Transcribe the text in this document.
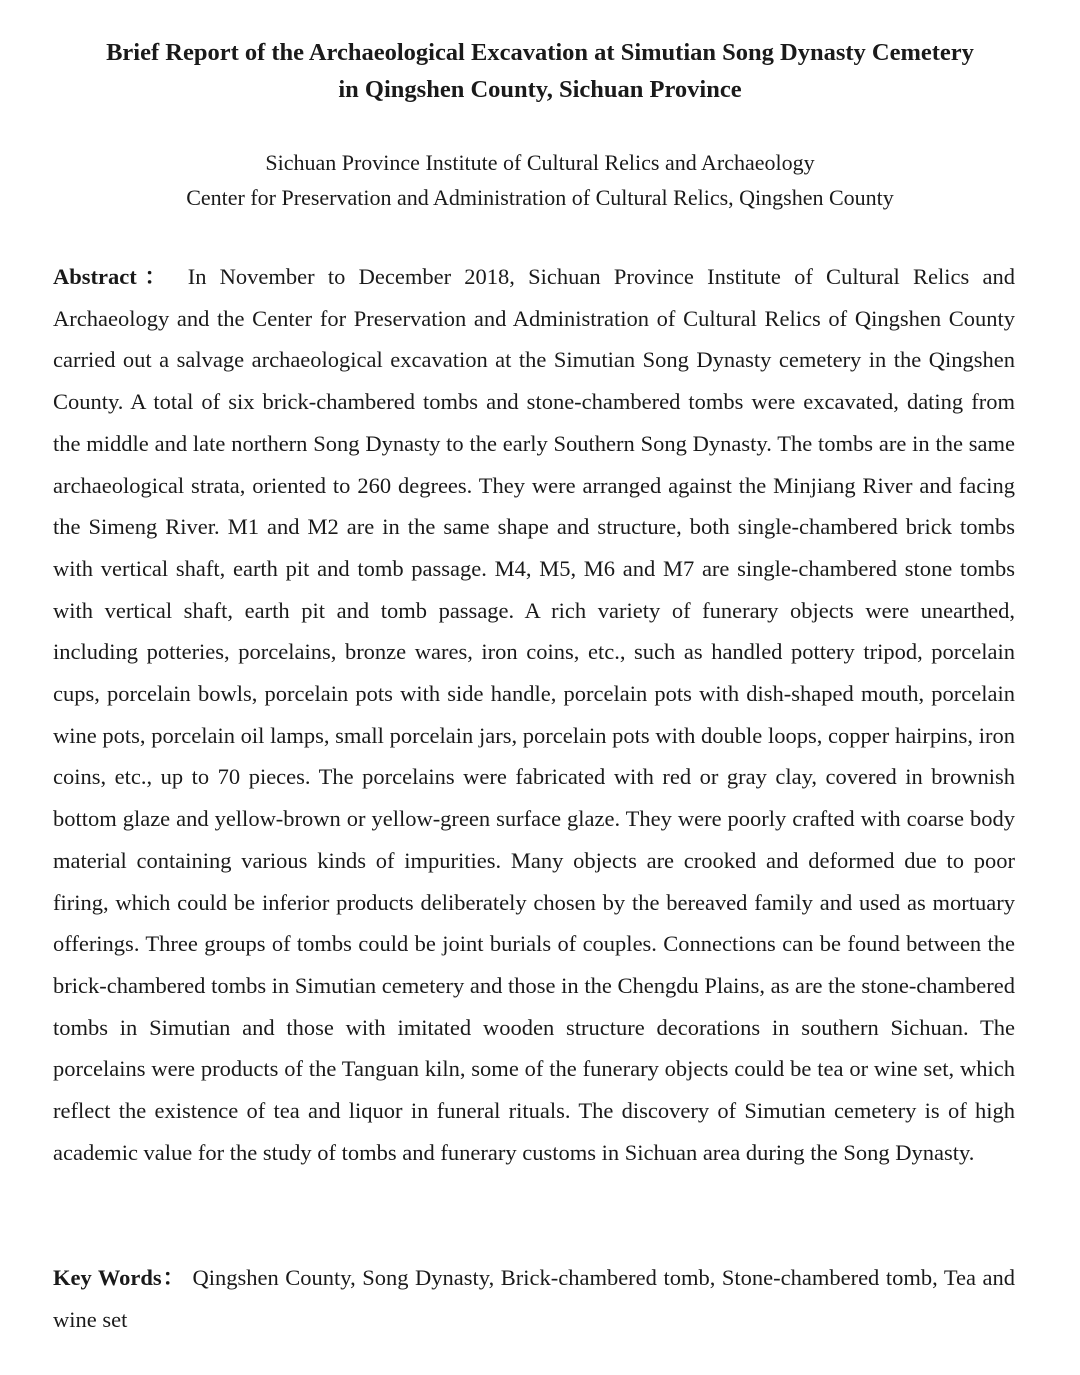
Brief Report of the Archaeological Excavation at Simutian Song Dynasty Cemetery
in Qingshen County, Sichuan Province
Sichuan Province Institute of Cultural Relics and Archaeology
Center for Preservation and Administration of Cultural Relics, Qingshen County

Abstract： In November to December 2018, Sichuan Province Institute of Cultural Relics and Archaeology and the Center for Preservation and Administration of Cultural Relics of Qingshen County carried out a salvage archaeological excavation at the Simutian Song Dynasty cemetery in the Qingshen County. A total of six brick-chambered tombs and stone-chambered tombs were excavated, dating from the middle and late northern Song Dynasty to the early Southern Song Dynasty. The tombs are in the same archaeological strata, oriented to 260 degrees. They were arranged against the Minjiang River and facing the Simeng River. M1 and M2 are in the same shape and structure, both single-chambered brick tombs with vertical shaft, earth pit and tomb passage. M4, M5, M6 and M7 are single-chambered stone tombs with vertical shaft, earth pit and tomb passage. A rich variety of funerary objects were unearthed, including potteries, porcelains, bronze wares, iron coins, etc., such as handled pottery tripod, porcelain cups, porcelain bowls, porcelain pots with side handle, porcelain pots with dish-shaped mouth, porcelain wine pots, porcelain oil lamps, small porcelain jars, porcelain pots with double loops, copper hairpins, iron coins, etc., up to 70 pieces. The porcelains were fabricated with red or gray clay, covered in brownish bottom glaze and yellow-brown or yellow-green surface glaze. They were poorly crafted with coarse body material containing various kinds of impurities. Many objects are crooked and deformed due to poor firing, which could be inferior products deliberately chosen by the bereaved family and used as mortuary offerings. Three groups of tombs could be joint burials of couples. Connections can be found between the brick-chambered tombs in Simutian cemetery and those in the Chengdu Plains, as are the stone-chambered tombs in Simutian and those with imitated wooden structure decorations in southern Sichuan. The porcelains were products of the Tanguan kiln, some of the funerary objects could be tea or wine set, which reflect the existence of tea and liquor in funeral rituals. The discovery of Simutian cemetery is of high academic value for the study of tombs and funerary customs in Sichuan area during the Song Dynasty.

Key Words： Qingshen County, Song Dynasty, Brick-chambered tomb, Stone-chambered tomb, Tea and wine set
